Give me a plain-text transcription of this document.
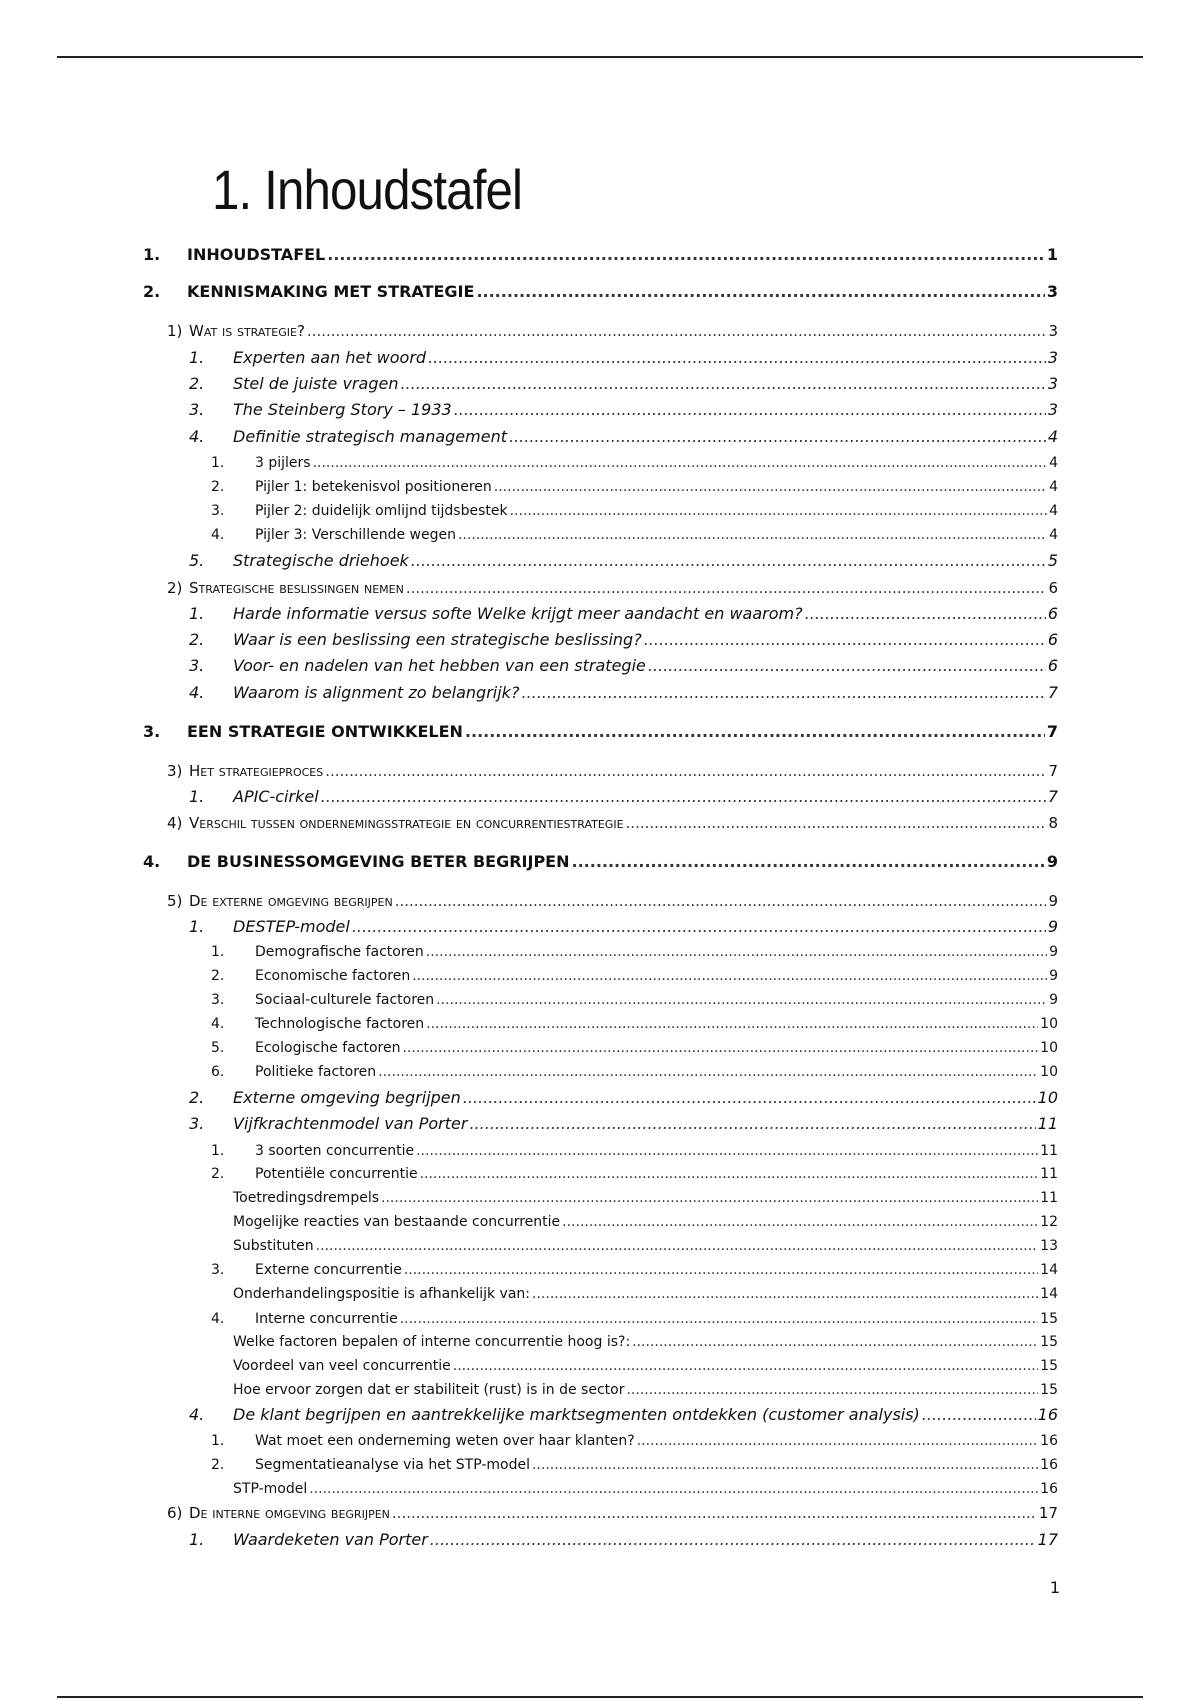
1. Inhoudstafel
1.	INHOUDSTAFEL .....	1
2.	KENNISMAKING MET STRATEGIE .....	3
1) Wat is strategie? .....	3
1.	Experten aan het woord .....	3
2.	Stel de juiste vragen .....	3
3.	The Steinberg Story – 1933 .....	3
4.	Definitie strategisch management .....	4
1.	3 pijlers .....	4
2.	Pijler 1: betekenisvol positioneren .....	4
3.	Pijler 2: duidelijk omlijnd tijdsbestek .....	4
4.	Pijler 3: Verschillende wegen .....	4
5.	Strategische driehoek .....	5
2) Strategische beslissingen nemen .....	6
1.	Harde informatie versus softe Welke krijgt meer aandacht en waarom? .....	6
2.	Waar is een beslissing een strategische beslissing? .....	6
3.	Voor- en nadelen van het hebben van een strategie .....	6
4.	Waarom is alignment zo belangrijk? .....	7
3.	EEN STRATEGIE ONTWIKKELEN .....	7
3) Het strategieproces .....	7
1.	APIC-cirkel .....	7
4) Verschil tussen ondernemingsstrategie en concurrentiestrategie .....	8
4.	DE BUSINESSOMGEVING BETER BEGRIJPEN .....	9
5) De externe omgeving begrijpen .....	9
1.	DESTEP-model .....	9
1.	Demografische factoren .....	9
2.	Economische factoren .....	9
3.	Sociaal-culturele factoren .....	9
4.	Technologische factoren .....	10
5.	Ecologische factoren .....	10
6.	Politieke factoren .....	10
2.	Externe omgeving begrijpen .....	10
3.	Vijfkrachtenmodel van Porter .....	11
1.	3 soorten concurrentie .....	11
2.	Potentiële concurrentie .....	11
Toetredingsdrempels .....	11
Mogelijke reacties van bestaande concurrentie .....	12
Substituten .....	13
3.	Externe concurrentie .....	14
Onderhandelingspositie is afhankelijk van: .....	14
4.	Interne concurrentie .....	15
Welke factoren bepalen of interne concurrentie hoog is?: .....	15
Voordeel van veel concurrentie .....	15
Hoe ervoor zorgen dat er stabiliteit (rust) is in de sector .....	15
4.	De klant begrijpen en aantrekkelijke marktsegmenten ontdekken (customer analysis) .....	16
1.	Wat moet een onderneming weten over haar klanten? .....	16
2.	Segmentatieanalyse via het STP-model .....	16
STP-model .....	16
6) De interne omgeving begrijpen .....	17
1.	Waardeketen van Porter .....	17
1
